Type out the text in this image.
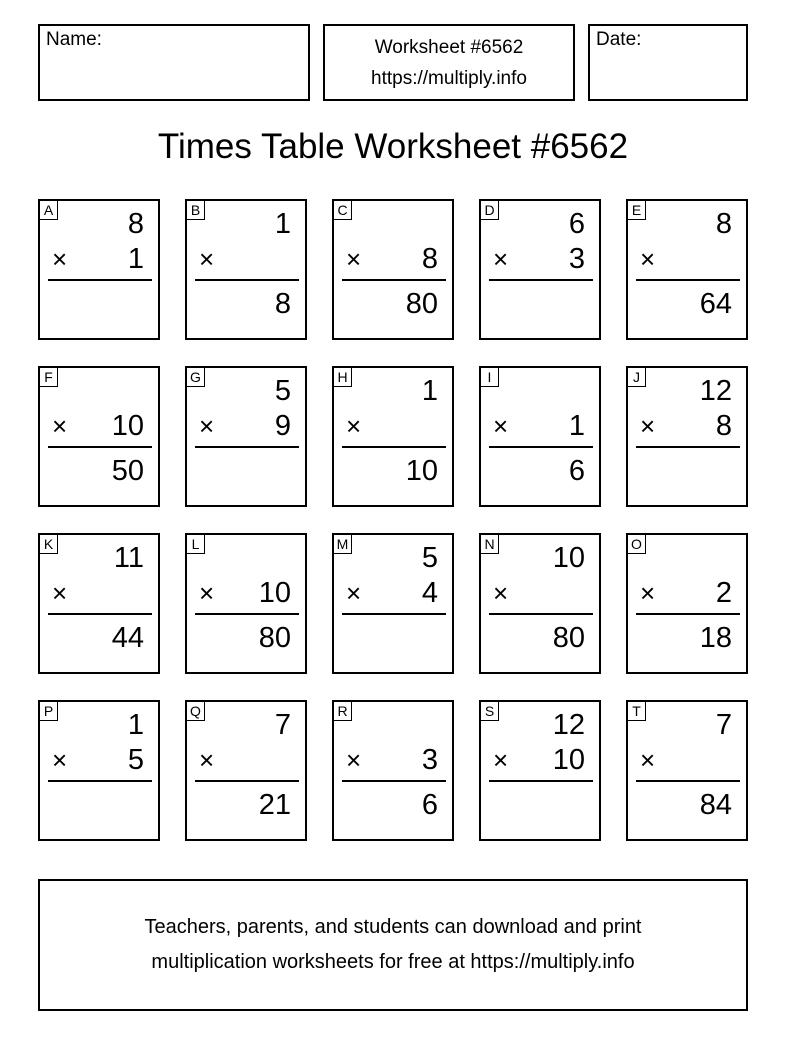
Name:	Worksheet #6562
https://multiply.info
Date:
Times Table Worksheet #6562
A	8
× 1
B	1
×
8
C
× 8
80
D	6
× 3
E	8
×
64
F
× 10
50
G	5
× 9
H	1
×
10
I
× 1
6
J 12
× 8
K 11
×
44
L
× 10
80
M	5
× 4
N 10
×
80
O
× 2
18
P	1
× 5
Q	7
×
21
R
× 3
6
S 12
× 10
T	7
×
84
Teachers, parents, and students can download and print
multiplication worksheets for free at https://multiply.info
